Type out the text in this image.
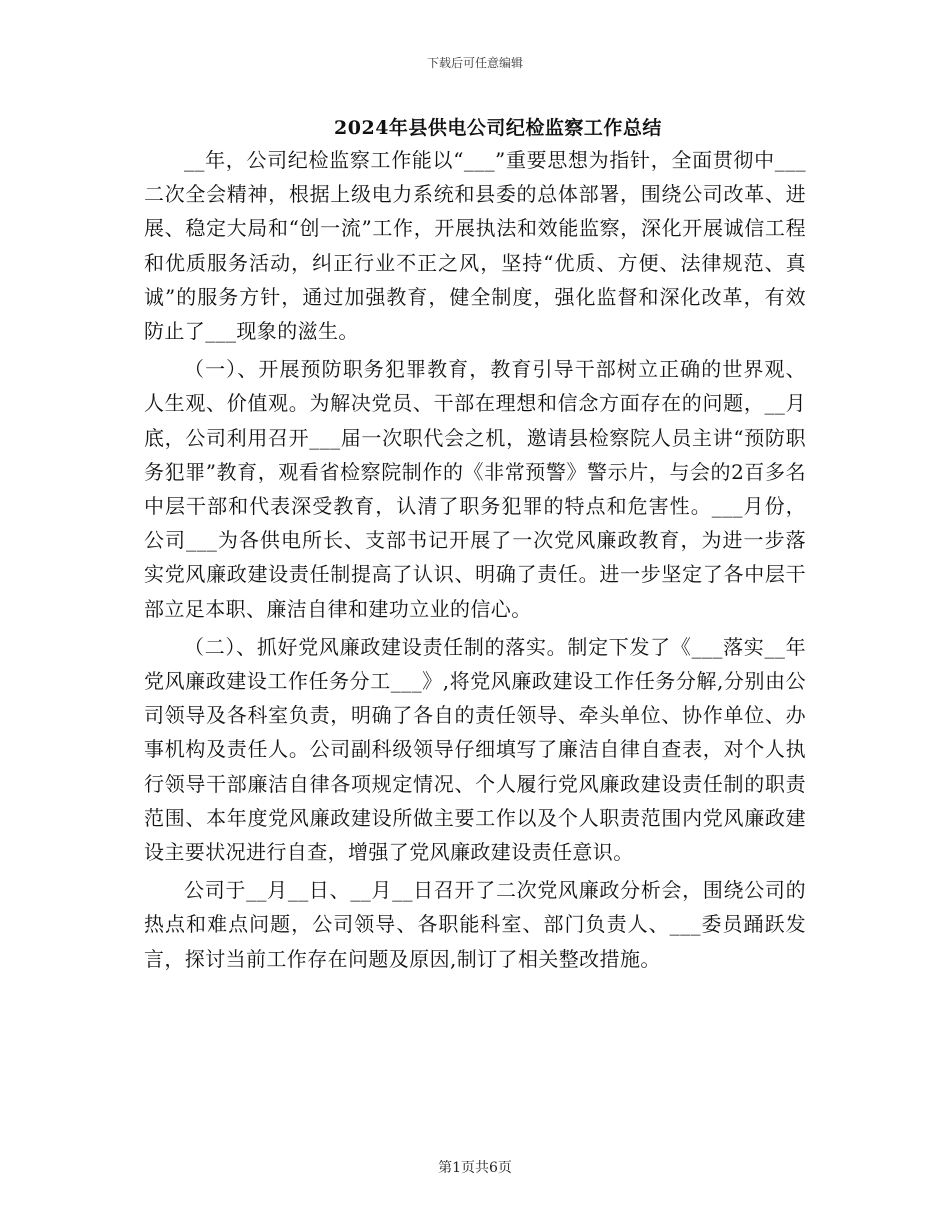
下载后可任意编辑
2024年县供电公司纪检监察工作总结

__年，公司纪检监察工作能以“___”重要思想为指针，全面贯彻中___二次全会精神，根据上级电力系统和县委的总体部署，围绕公司改革、进展、稳定大局和“创一流”工作，开展执法和效能监察，深化开展诚信工程和优质服务活动，纠正行业不正之风，坚持“优质、方便、法律规范、真诚”的服务方针，通过加强教育，健全制度，强化监督和深化改革，有效防止了___现象的滋生。

（一）、开展预防职务犯罪教育，教育引导干部树立正确的世界观、人生观、价值观。为解决党员、干部在理想和信念方面存在的问题，__月底，公司利用召开___届一次职代会之机，邀请县检察院人员主讲“预防职务犯罪”教育，观看省检察院制作的《非常预警》警示片，与会的2百多名中层干部和代表深受教育，认清了职务犯罪的特点和危害性。___月份，公司___为各供电所长、支部书记开展了一次党风廉政教育，为进一步落实党风廉政建设责任制提高了认识、明确了责任。进一步坚定了各中层干部立足本职、廉洁自律和建功立业的信心。

（二）、抓好党风廉政建设责任制的落实。制定下发了《___落实__年党风廉政建设工作任务分工___》,将党风廉政建设工作任务分解,分别由公司领导及各科室负责，明确了各自的责任领导、牵头单位、协作单位、办事机构及责任人。公司副科级领导仔细填写了廉洁自律自查表，对个人执行领导干部廉洁自律各项规定情况、个人履行党风廉政建设责任制的职责范围、本年度党风廉政建设所做主要工作以及个人职责范围内党风廉政建设主要状况进行自查，增强了党风廉政建设责任意识。

公司于__月__日、__月__日召开了二次党风廉政分析会，围绕公司的热点和难点问题，公司领导、各职能科室、部门负责人、___委员踊跃发言，探讨当前工作存在问题及原因,制订了相关整改措施。

第1页共6页
